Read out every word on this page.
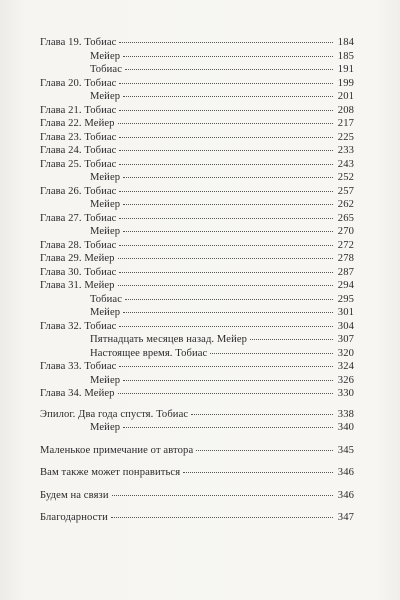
Глава 19. Тобиас	184
Мейер	185
Тобиас	191
Глава 20. Тобиас	199
Мейер	201
Глава 21. Тобиас	208
Глава 22. Мейер	217
Глава 23. Тобиас	225
Глава 24. Тобиас	233
Глава 25. Тобиас	243
Мейер	252
Глава 26. Тобиас	257
Мейер	262
Глава 27. Тобиас	265
Мейер	270
Глава 28. Тобиас	272
Глава 29. Мейер	278
Глава 30. Тобиас	287
Глава 31. Мейер	294
Тобиас	295
Мейер	301
Глава 32. Тобиас	304
Пятнадцать месяцев назад. Мейер	307
Настоящее время. Тобиас	320
Глава 33. Тобиас	324
Мейер	326
Глава 34. Мейер	330
Эпилог. Два года спустя. Тобиас	338
Мейер	340
Маленькое примечание от автора	345
Вам также может понравиться	346
Будем на связи	346
Благодарности	347
